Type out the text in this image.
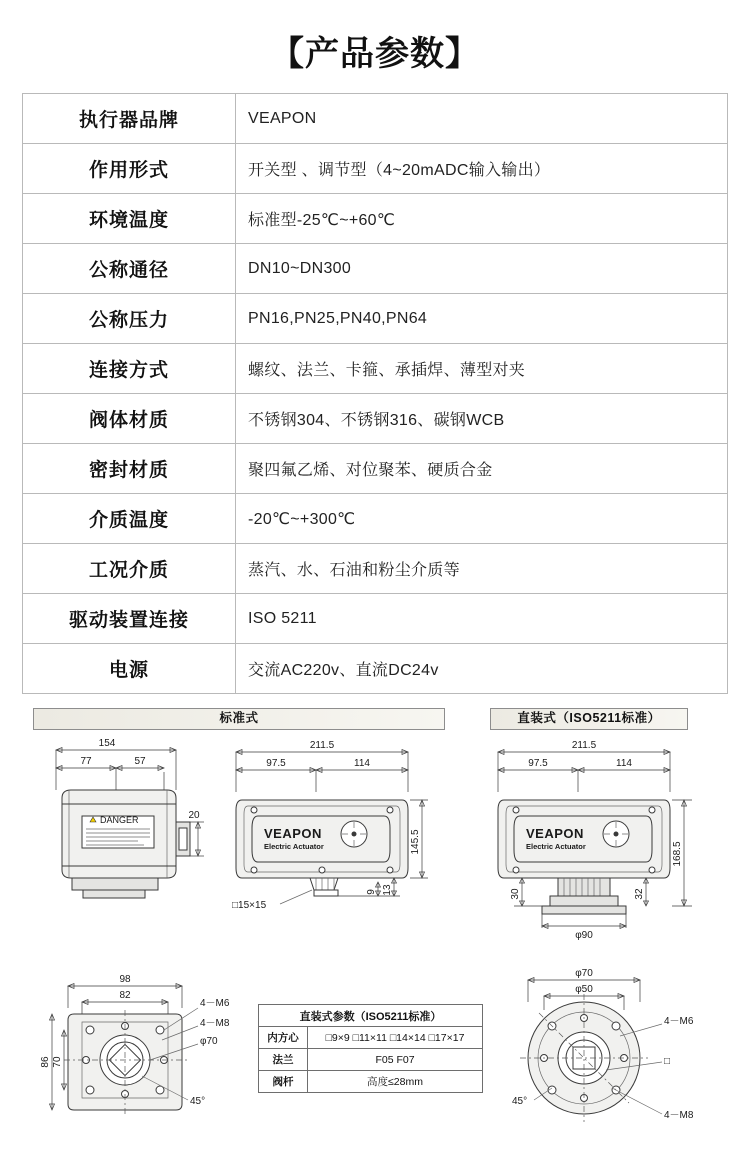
【产品参数】
执行器品牌	VEAPON
作用形式	开关型 、调节型（4~20mADC输入输出）
环境温度	标准型-25℃~+60℃
公称通径	DN10~DN300
公称压力	PN16,PN25,PN40,PN64
连接方式	螺纹、法兰、卡箍、承插焊、薄型对夹
阀体材质	不锈钢304、不锈钢316、碳钢WCB
密封材质	聚四氟乙烯、对位聚苯、硬质合金
介质温度	-20℃~+300℃
工况介质	蒸汽、水、石油和粉尘介质等
驱动装置连接	ISO 5211
电源	交流AC220v、直流DC24v
标准式	直装式（ISO5211标准）
154
77	57
DANGER	20
211.5
97.5	114
VEAPON
Electric Actuator	145.5
13
9
□15×15
211.5
97.5	114
VEAPON
Electric Actuator	168.5
30	32
φ90
98
82
86 70
4－M6
4－M8
φ70
45°
φ70
φ50
4－M6
□
4－M8
45°
直装式参数（ISO5211标准）	
内方心	□9×9 □11×11 □14×14 □17×17
法兰	F05 F07
阀杆	高度≤28mm
